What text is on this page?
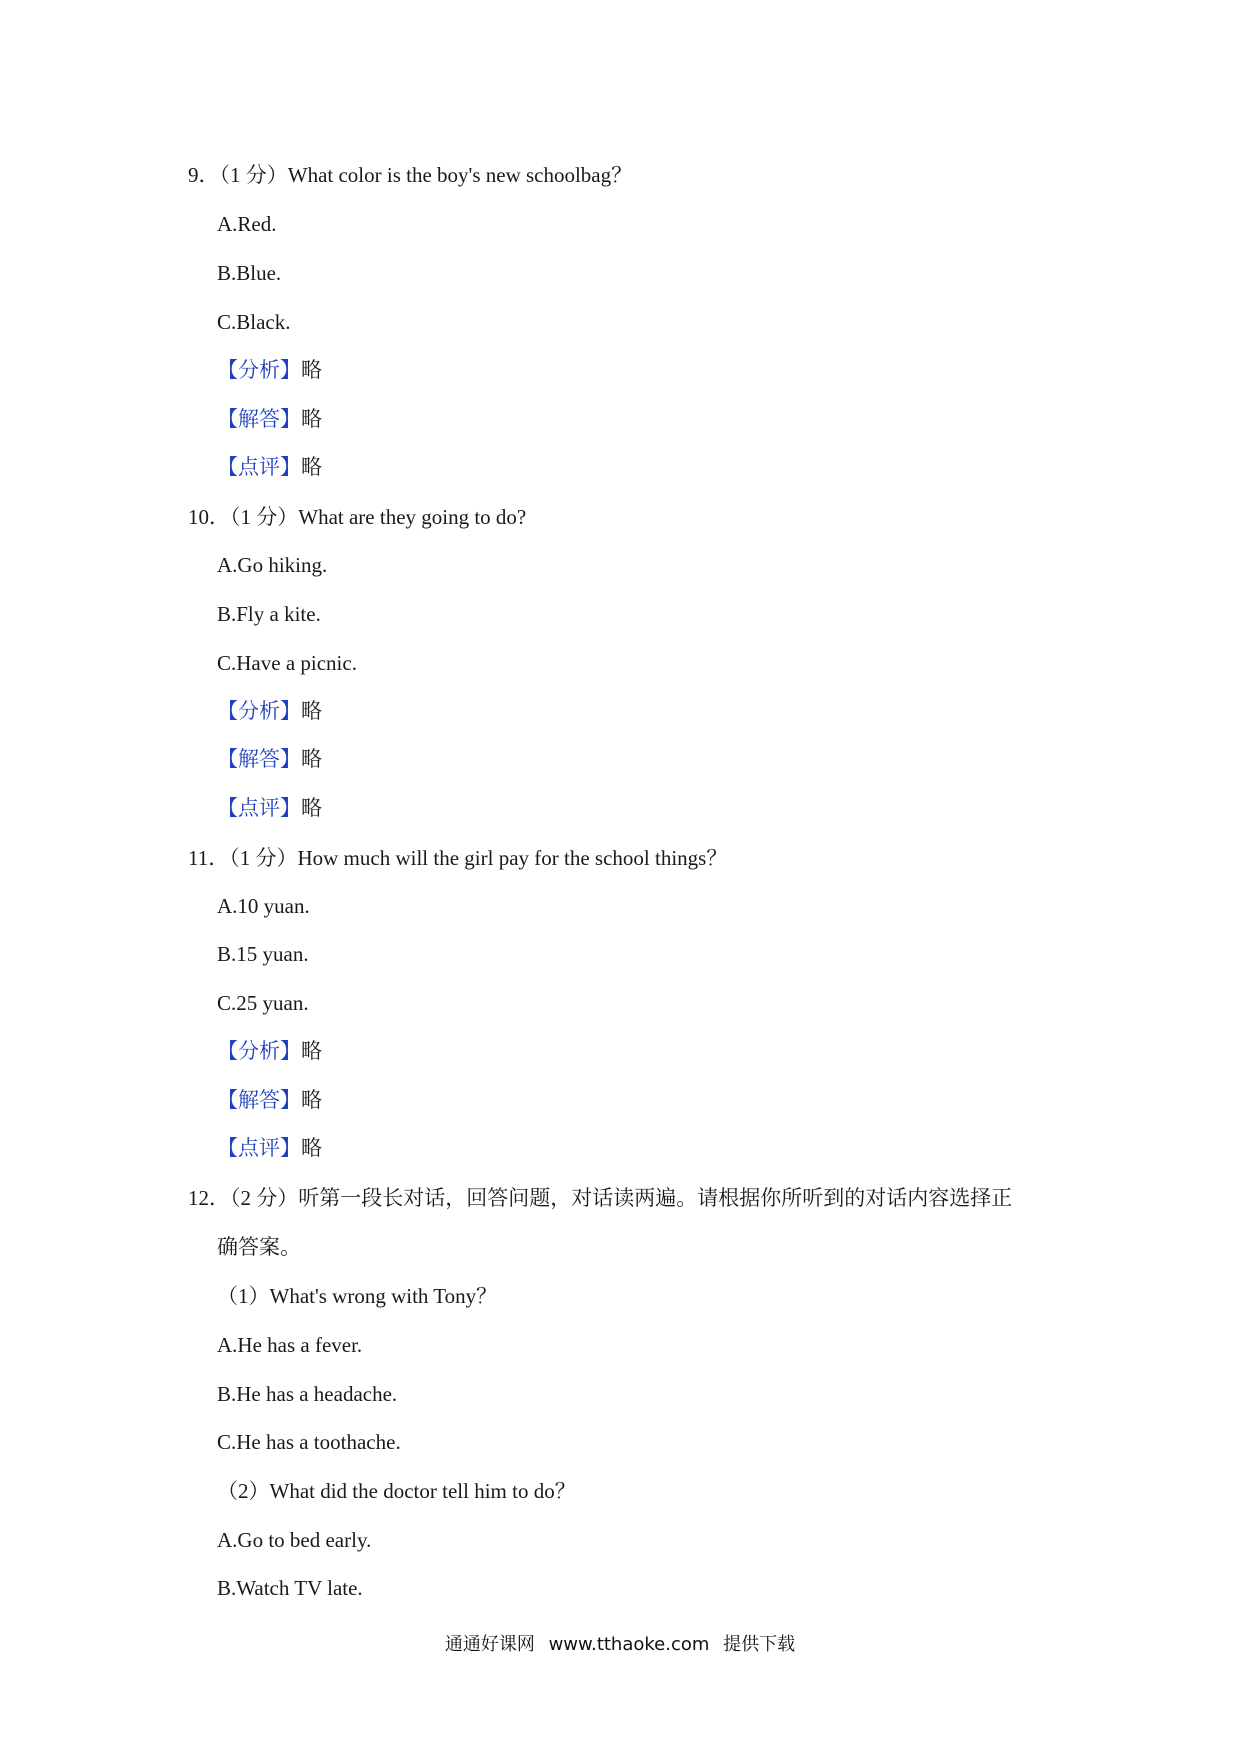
9．（1 分）What color is the boy's new schoolbag？
A.Red.
B.Blue.
C.Black.
【分析】略
【解答】略
【点评】略
10．（1 分）What are they going to do?
A.Go hiking.
B.Fly a kite.
C.Have a picnic.
【分析】略
【解答】略
【点评】略
11．（1 分）How much will the girl pay for the school things？
A.10 yuan.
B.15 yuan.
C.25 yuan.
【分析】略
【解答】略
【点评】略
12．（2 分）听第一段长对话，回答问题，对话读两遍。请根据你所听到的对话内容选择正
确答案。
（1）What's wrong with Tony？
A.He has a fever.
B.He has a headache.
C.He has a toothache.
（2）What did the doctor tell him to do？
A.Go to bed early.
B.Watch TV late.
通通好课网 www.tthaoke.com 提供下载
